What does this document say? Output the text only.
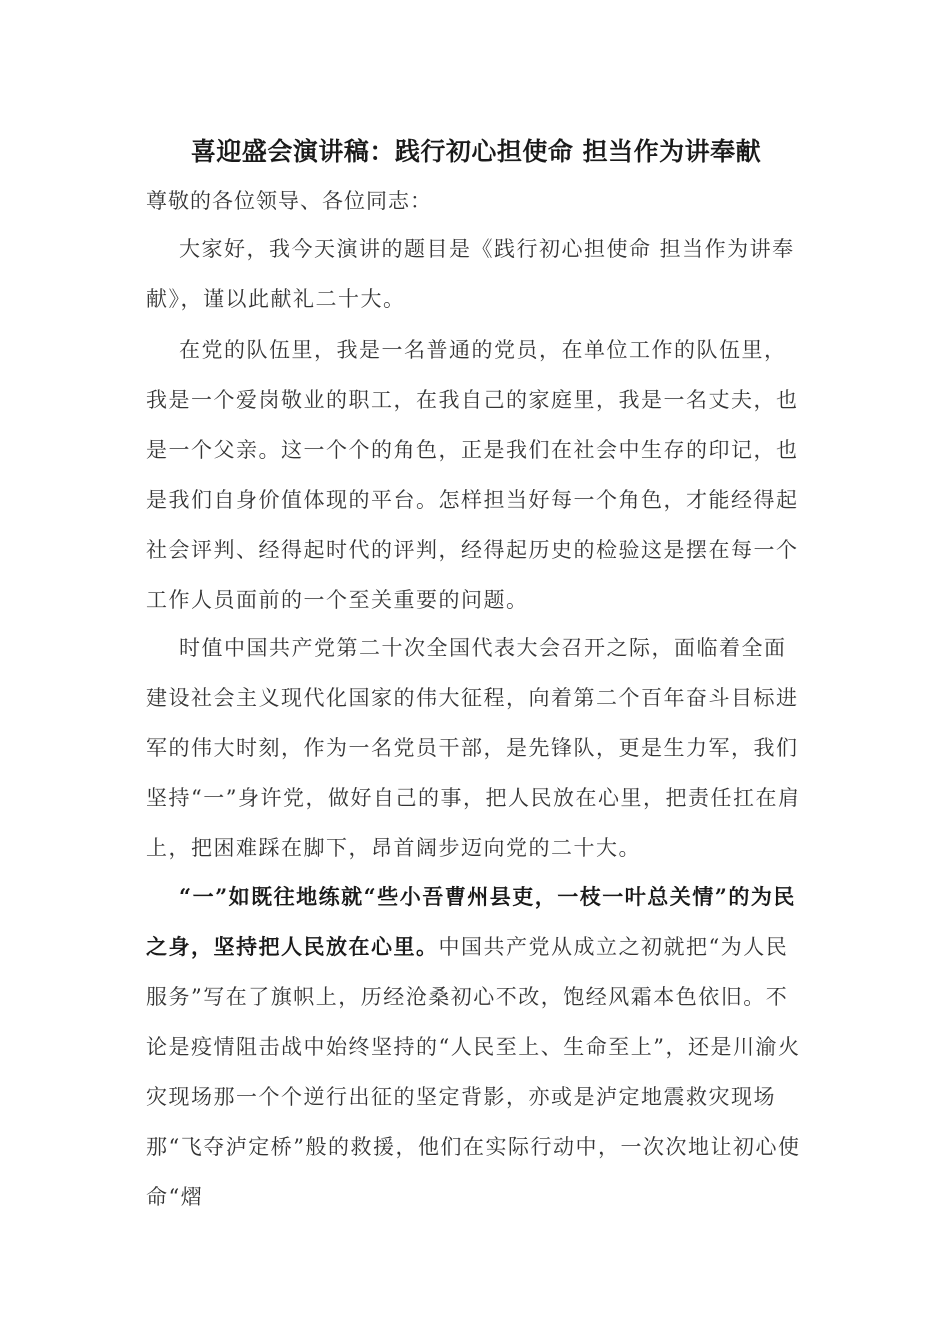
喜迎盛会演讲稿：践行初心担使命 担当作为讲奉献
尊敬的各位领导、各位同志：

大家好，我今天演讲的题目是《践行初心担使命 担当作为讲奉献》，谨以此献礼二十大。

在党的队伍里，我是一名普通的党员，在单位工作的队伍里，我是一个爱岗敬业的职工，在我自己的家庭里，我是一名丈夫，也是一个父亲。这一个个的角色，正是我们在社会中生存的印记，也是我们自身价值体现的平台。怎样担当好每一个角色，才能经得起社会评判、经得起时代的评判，经得起历史的检验这是摆在每一个工作人员面前的一个至关重要的问题。

时值中国共产党第二十次全国代表大会召开之际，面临着全面建设社会主义现代化国家的伟大征程，向着第二个百年奋斗目标进军的伟大时刻，作为一名党员干部，是先锋队，更是生力军，我们坚持“一”身许党，做好自己的事，把人民放在心里，把责任扛在肩上，把困难踩在脚下，昂首阔步迈向党的二十大。

“一”如既往地练就“些小吾曹州县吏，一枝一叶总关情”的为民之身，坚持把人民放在心里。中国共产党从成立之初就把“为人民服务”写在了旗帜上，历经沧桑初心不改，饱经风霜本色依旧。不论是疫情阻击战中始终坚持的“人民至上、生命至上”，还是川渝火灾现场那一个个逆行出征的坚定背影，亦或是泸定地震救灾现场那“飞夺泸定桥”般的救援，他们在实际行动中，一次次地让初心使命“熠
